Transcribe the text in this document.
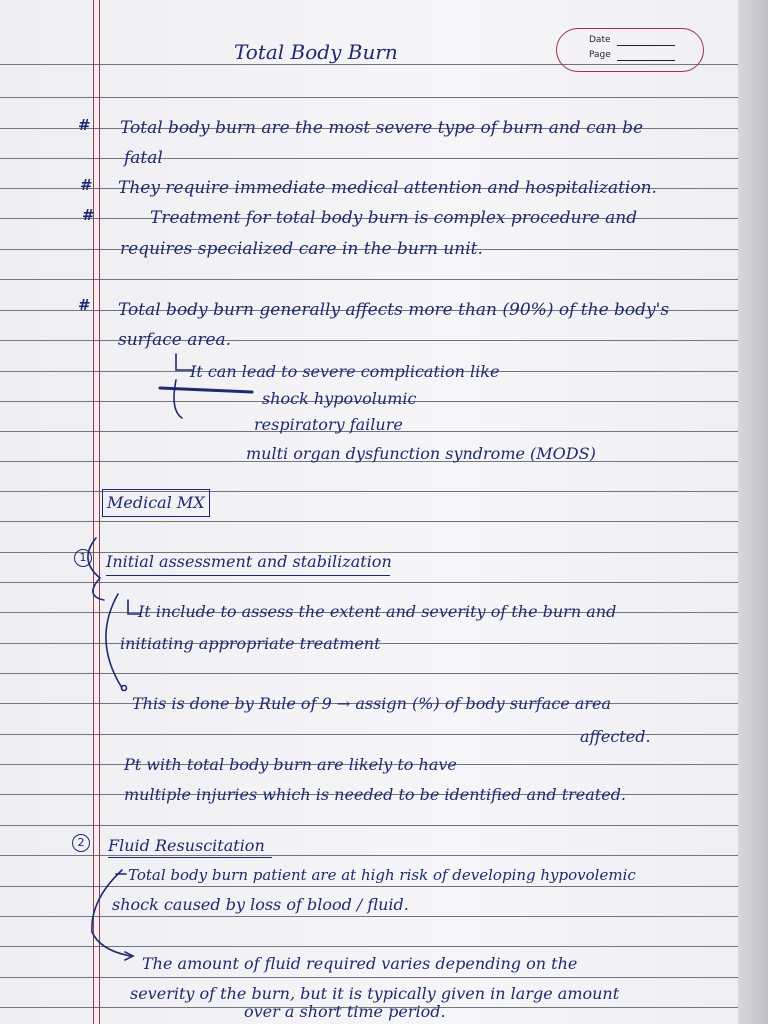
Date
Page
Total Body Burn
#
#
#
#
Total body burn are the most severe type of burn and can be
fatal
They require immediate medical attention and hospitalization.
Treatment for total body burn is complex procedure and
requires specialized care in the burn unit.
Total body burn generally affects more than (90%) of the body's
surface area.
It can lead to severe complication like
shock hypovolumic
respiratory failure
multi organ dysfunction syndrome (MODS)
Medical MX
1	Initial assessment and stabilization
It include to assess the extent and severity of the burn and
initiating appropriate treatment
This is done by Rule of 9 → assign (%) of body surface area
affected.
Pt with total body burn are likely to have
multiple injuries which is needed to be identified and treated.
2	Fluid Resuscitation
Total body burn patient are at high risk of developing hypovolemic
shock caused by loss of blood / fluid.
The amount of fluid required varies depending on the
severity of the burn, but it is typically given in large amount
over a short time period.
